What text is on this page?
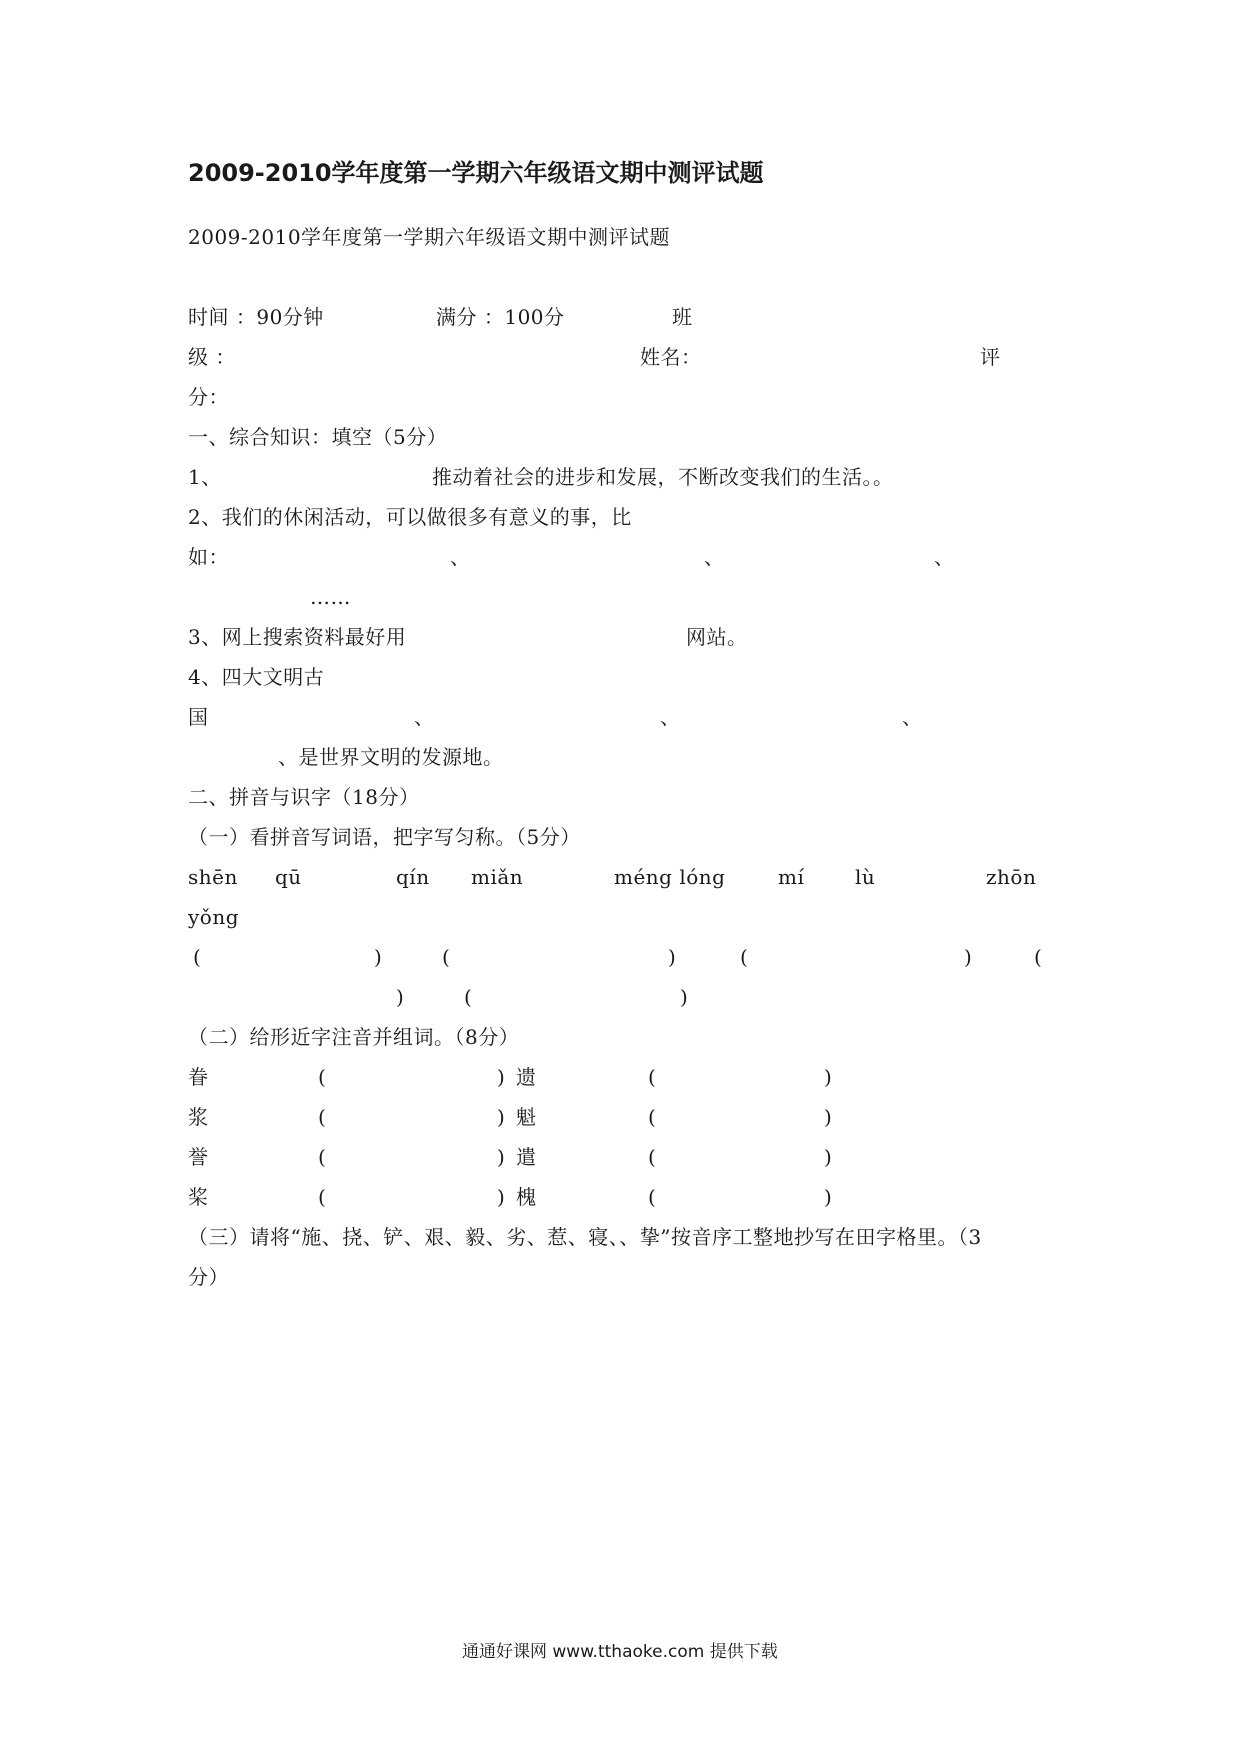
2009-2010学年度第一学期六年级语文期中测评试题
2009-2010学年度第一学期六年级语文期中测评试题
时间 ：90分钟	满分 ：100分	班
级 ：	姓名：	评
分：
一、综合知识：填空（5分）
1、	推动着社会的进步和发展，不断改变我们的生活。。
2、我们的休闲活动，可以做很多有意义的事，比
如：	、	、	、
……
3、网上搜索资料最好用	网站。
4、四大文明古
国	、	、	、
、是世界文明的发源地。
二、拼音与识字（18分）
（一）看拼音写词语，把字写匀称。（5分）
shēn qū	qín miǎn	méng lóng	mí	lù	zhōn
yǒng
(	)	(	)	(	)	(
)	(	)
（二）给形近字注音并组词。（8分）
眷	(	) 遗	(	)
浆	(	) 魁	(	)
誉	(	) 遣	(	)
桨	(	) 槐	(	)
（三）请将“施、挠、铲、艰、毅、劣、惹、寝、、挚”按音序工整地抄写在田字格里。（3
分）
通通好课网 www.tthaoke.com 提供下载
